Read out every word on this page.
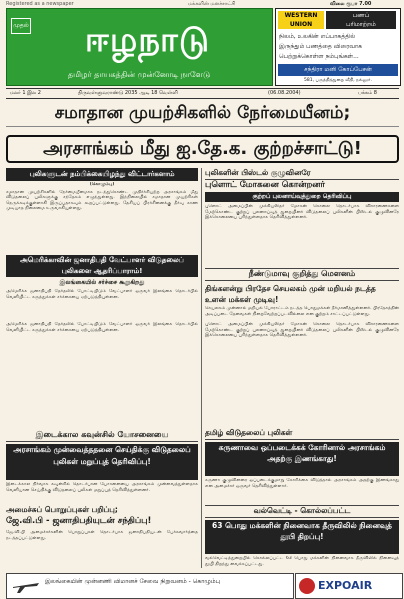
Registered as a newspaper	மக்களின் மனச்சாட்சி	விலை ரூபா 7.00
முதல்	ஈழநாடு
தமிழர் தாயகத்தின் முன்னோடி நாளேடு
WESTERN
UNION
பணப்
பரிமாற்றம்
நிலம், உலகின் எப்பாகத்தில்
இருந்தும் பணத்தை விரைவாக
பெற்றுக்கொள்ள நம்புங்கள்...
சந்திரா மனி கோப்பேசன்
581, பருத்தித்துறை வீதி, நல்லூர்.
மலர் 1 இல 2	திருவள்ளுவராண்டு 2035 ஆடி 18 வெள்ளி	(06.08.2004)	பக்கம் 8
சமாதான முயற்சிகளில் நேர்மையீனம்;
அரசாங்கம் மீது ஐ.தே.க. குற்றச்சாட்டு!
புலிகளுடன் நம்பிக்கையிழந்து விட்டார்களாம்
(கொழும்பு)
சமாதான முயற்சிகளில் நேர்மையீனமாக நடந்துகொண்ட முதிர்ச்சியற்ற அரசாங்கம் மீது விடுதலைப் புலிகளுக்கு சந்தேகம் எழுந்துள்ளது. இந்நிலையில் சமாதான முயற்சிகள் நெருக்கடிக்குள்ளாகி இருப்பதாகவும் கூறப்பட்டுள்ளது. தேசியப் பிரச்சினைக்கு தீர்வு காண முடியாத நிலைமை உருவாகியுள்ளது.
அமெரிக்காவின் ஜனாதிபதி வேட்பாளர் விடுதலைப் புலிகளை ஆதரிப்பாராம்!
இலங்கையில் சர்ச்சை கூறுகிறது
அமெரிக்க ஜனாதிபதி தேர்தலில் போட்டியிடும் வேட்பாளர் ஒருவர் இலங்கை தொடர்பில் வெளியிட்ட கருத்துக்கள் சர்ச்சையை ஏற்படுத்தியுள்ளன.
புலிகளின் பிஸ்டல் குழுவினரே
புளொட் மோகனை கொன்றனர்
குற்றப் புலனாய்வுத்துறை தெரிவிப்பு
புளொட் அமைப்பின் முக்கியஸ்தர் மோகன் கொலை தொடர்பாக விசாரணைகளை மேற்கொண்ட குற்றப் புலனாய்வுத் துறையினர் விடுதலைப் புலிகளின் பிஸ்டல் குழுவினரே இக்கொலையை புரிந்துள்ளதாக தெரிவித்துள்ளனர்.
நீண்டுமாவு குறித்து மௌனம்
திங்களன்று பிரதேச செயலகம் முன் மறியல் நடத்த உளன் மக்கள் முடிவு!
செயலகம் முன்னால் மறியல் போராட்டம் நடத்த பொதுமக்கள் தீர்மானித்துள்ளனர். பிரதேசத்தின் அடிப்படை தேவைகள் நிறைவேற்றப்படவில்லை என குற்றம் சாட்டப்பட்டுள்ளது.
அமெரிக்க ஜனாதிபதி தேர்தலில் போட்டியிடும் வேட்பாளர் ஒருவர் இலங்கை தொடர்பில் வெளியிட்ட கருத்துக்கள் சர்ச்சையை ஏற்படுத்தியுள்ளன.
இடைக்கால கவுன்சில் யோசனையை
அரசாங்கம் முன்வைத்ததனை செய்திக்கு விடுதலைப் புலிகள் மறுப்புத் தெரிவிப்பு!
இடைக்கால நிர்வாக கவுன்சில் தொடர்பான யோசனையை அரசாங்கம் முன்வைத்துள்ளதாக வெளியான செய்திக்கு விடுதலைப் புலிகள் மறுப்புத் தெரிவித்துள்ளனர்.
அமைச்சுப் பொறுப்புகள் பறிப்பு;
ஜே.வி.பி - ஜனாதிபதியுடன் சந்திப்பு!
ஜே.வி.பி அமைச்சர்களின் பொறுப்புகள் தொடர்பாக ஜனாதிபதியுடன் பேச்சுவார்த்தை நடத்தப்பட்டுள்ளது.
புளொட் அமைப்பின் முக்கியஸ்தர் மோகன் கொலை தொடர்பாக விசாரணைகளை மேற்கொண்ட குற்றப் புலனாய்வுத் துறையினர் விடுதலைப் புலிகளின் பிஸ்டல் குழுவினரே இக்கொலையை புரிந்துள்ளதாக தெரிவித்துள்ளனர்.
தமிழ் விடுதலைப் புலிகள்
கருணாவை ஒப்படைக்கக் கோரினால் அரசாங்கம் அதற்கு இணங்காது!
கருணா குழுவினரை ஒப்படைக்குமாறு கோரிக்கை விடுத்தால் அரசாங்கம் அதற்கு இணங்காது என அமைச்சர் ஒருவர் தெரிவித்துள்ளார்.
வல்வெட்டி - கொல்லப்பட்ட
63 பொது மக்களின் நினைவாக தீருவிலில் நினைவுத் தூபி திறப்பு!
வல்வெட்டித்துறையில் கொல்லப்பட்ட 63 பொது மக்களின் நினைவாக தீருவிலில் நினைவுத் தூபி திறந்து வைக்கப்பட்டது.
இலங்கையின் முன்னணி விமானச் சேவை நிறுவனம் - கொழும்பு	EXPOAIR
